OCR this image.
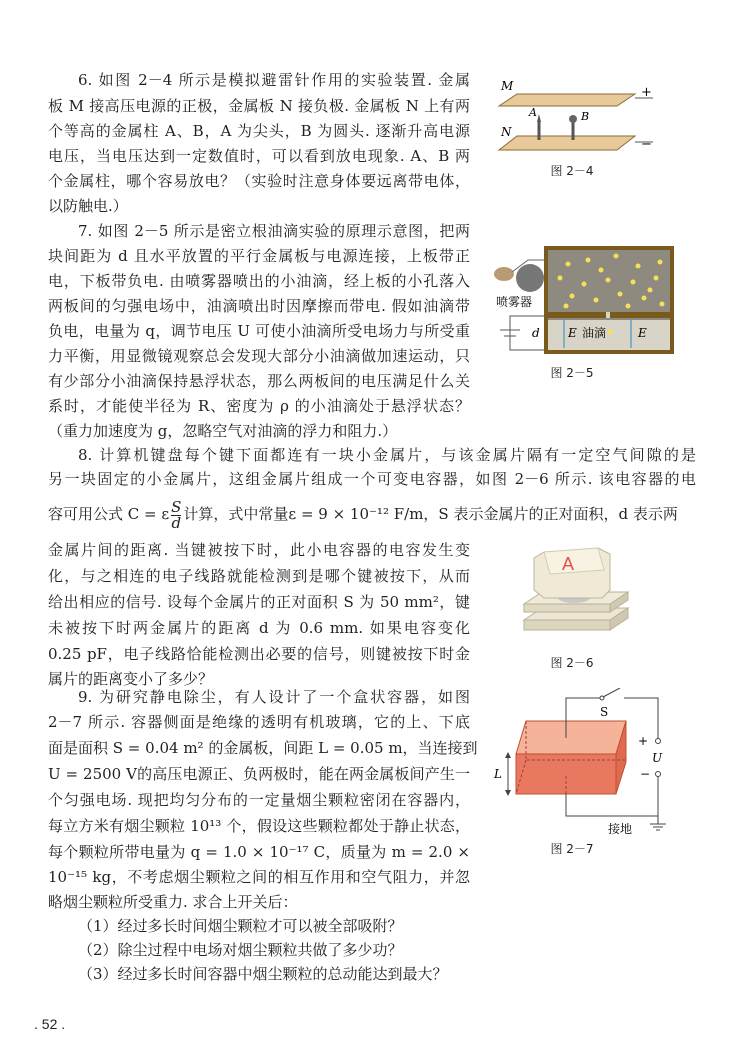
6. 如图 2－4 所示是模拟避雷针作用的实验装置. 金属
板 M 接高压电源的正极，金属板 N 接负极. 金属板 N 上有两
个等高的金属柱 A、B，A 为尖头，B 为圆头. 逐渐升高电源
电压，当电压达到一定数值时，可以看到放电现象. A、B 两
个金属柱，哪个容易放电？（实验时注意身体要远离带电体，
以防触电.）
7. 如图 2－5 所示是密立根油滴实验的原理示意图，把两
块间距为 d 且水平放置的平行金属板与电源连接，上板带正
电，下板带负电. 由喷雾器喷出的小油滴，经上板的小孔落入
两板间的匀强电场中，油滴喷出时因摩擦而带电. 假如油滴带
负电，电量为 q，调节电压 U 可使小油滴所受电场力与所受重
力平衡，用显微镜观察总会发现大部分小油滴做加速运动，只
有少部分小油滴保持悬浮状态，那么两板间的电压满足什么关
系时，才能使半径为 R、密度为 ρ 的小油滴处于悬浮状态？
（重力加速度为 g，忽略空气对油滴的浮力和阻力.）
8. 计算机键盘每个键下面都连有一块小金属片，与该金属片隔有一定空气间隙的是
另一块固定的小金属片，这组金属片组成一个可变电容器，如图 2－6 所示. 该电容器的电
容可用公式 C = ε $\frac{S}{d}$ 计算，式中常量ε = 9 × 10⁻¹² F/m，S 表示金属片的正对面积，d 表示两
金属片间的距离. 当键被按下时，此小电容器的电容发生变
化，与之相连的电子线路就能检测到是哪个键被按下，从而
给出相应的信号. 设每个金属片的正对面积 S 为 50 mm²，键
未被按下时两金属片的距离 d 为 0.6 mm. 如果电容变化
0.25 pF，电子线路恰能检测出必要的信号，则键被按下时金
属片的距离变小了多少？
9. 为研究静电除尘，有人设计了一个盒状容器，如图
2－7 所示. 容器侧面是绝缘的透明有机玻璃，它的上、下底
面是面积 S = 0.04 m² 的金属板，间距 L = 0.05 m，当连接到
U = 2500 V的高压电源正、负两极时，能在两金属板间产生一
个匀强电场. 现把均匀分布的一定量烟尘颗粒密闭在容器内，
每立方米有烟尘颗粒 10¹³ 个，假设这些颗粒都处于静止状态，
每个颗粒所带电量为 q = 1.0 × 10⁻¹⁷ C，质量为 m = 2.0 ×
10⁻¹⁵ kg，不考虑烟尘颗粒之间的相互作用和空气阻力，并忽
略烟尘颗粒所受重力. 求合上开关后：
（1）经过多长时间烟尘颗粒才可以被全部吸附？
（2）除尘过程中电场对烟尘颗粒共做了多少功？
（3）经过多长时间容器中烟尘颗粒的总动能达到最大？
M	+
N
−
A	B
图 2－4
喷雾器
d E 油滴	E
图 2－5
A
图 2－6
L
S
+
U
−
接地
图 2－7
. 52 .
